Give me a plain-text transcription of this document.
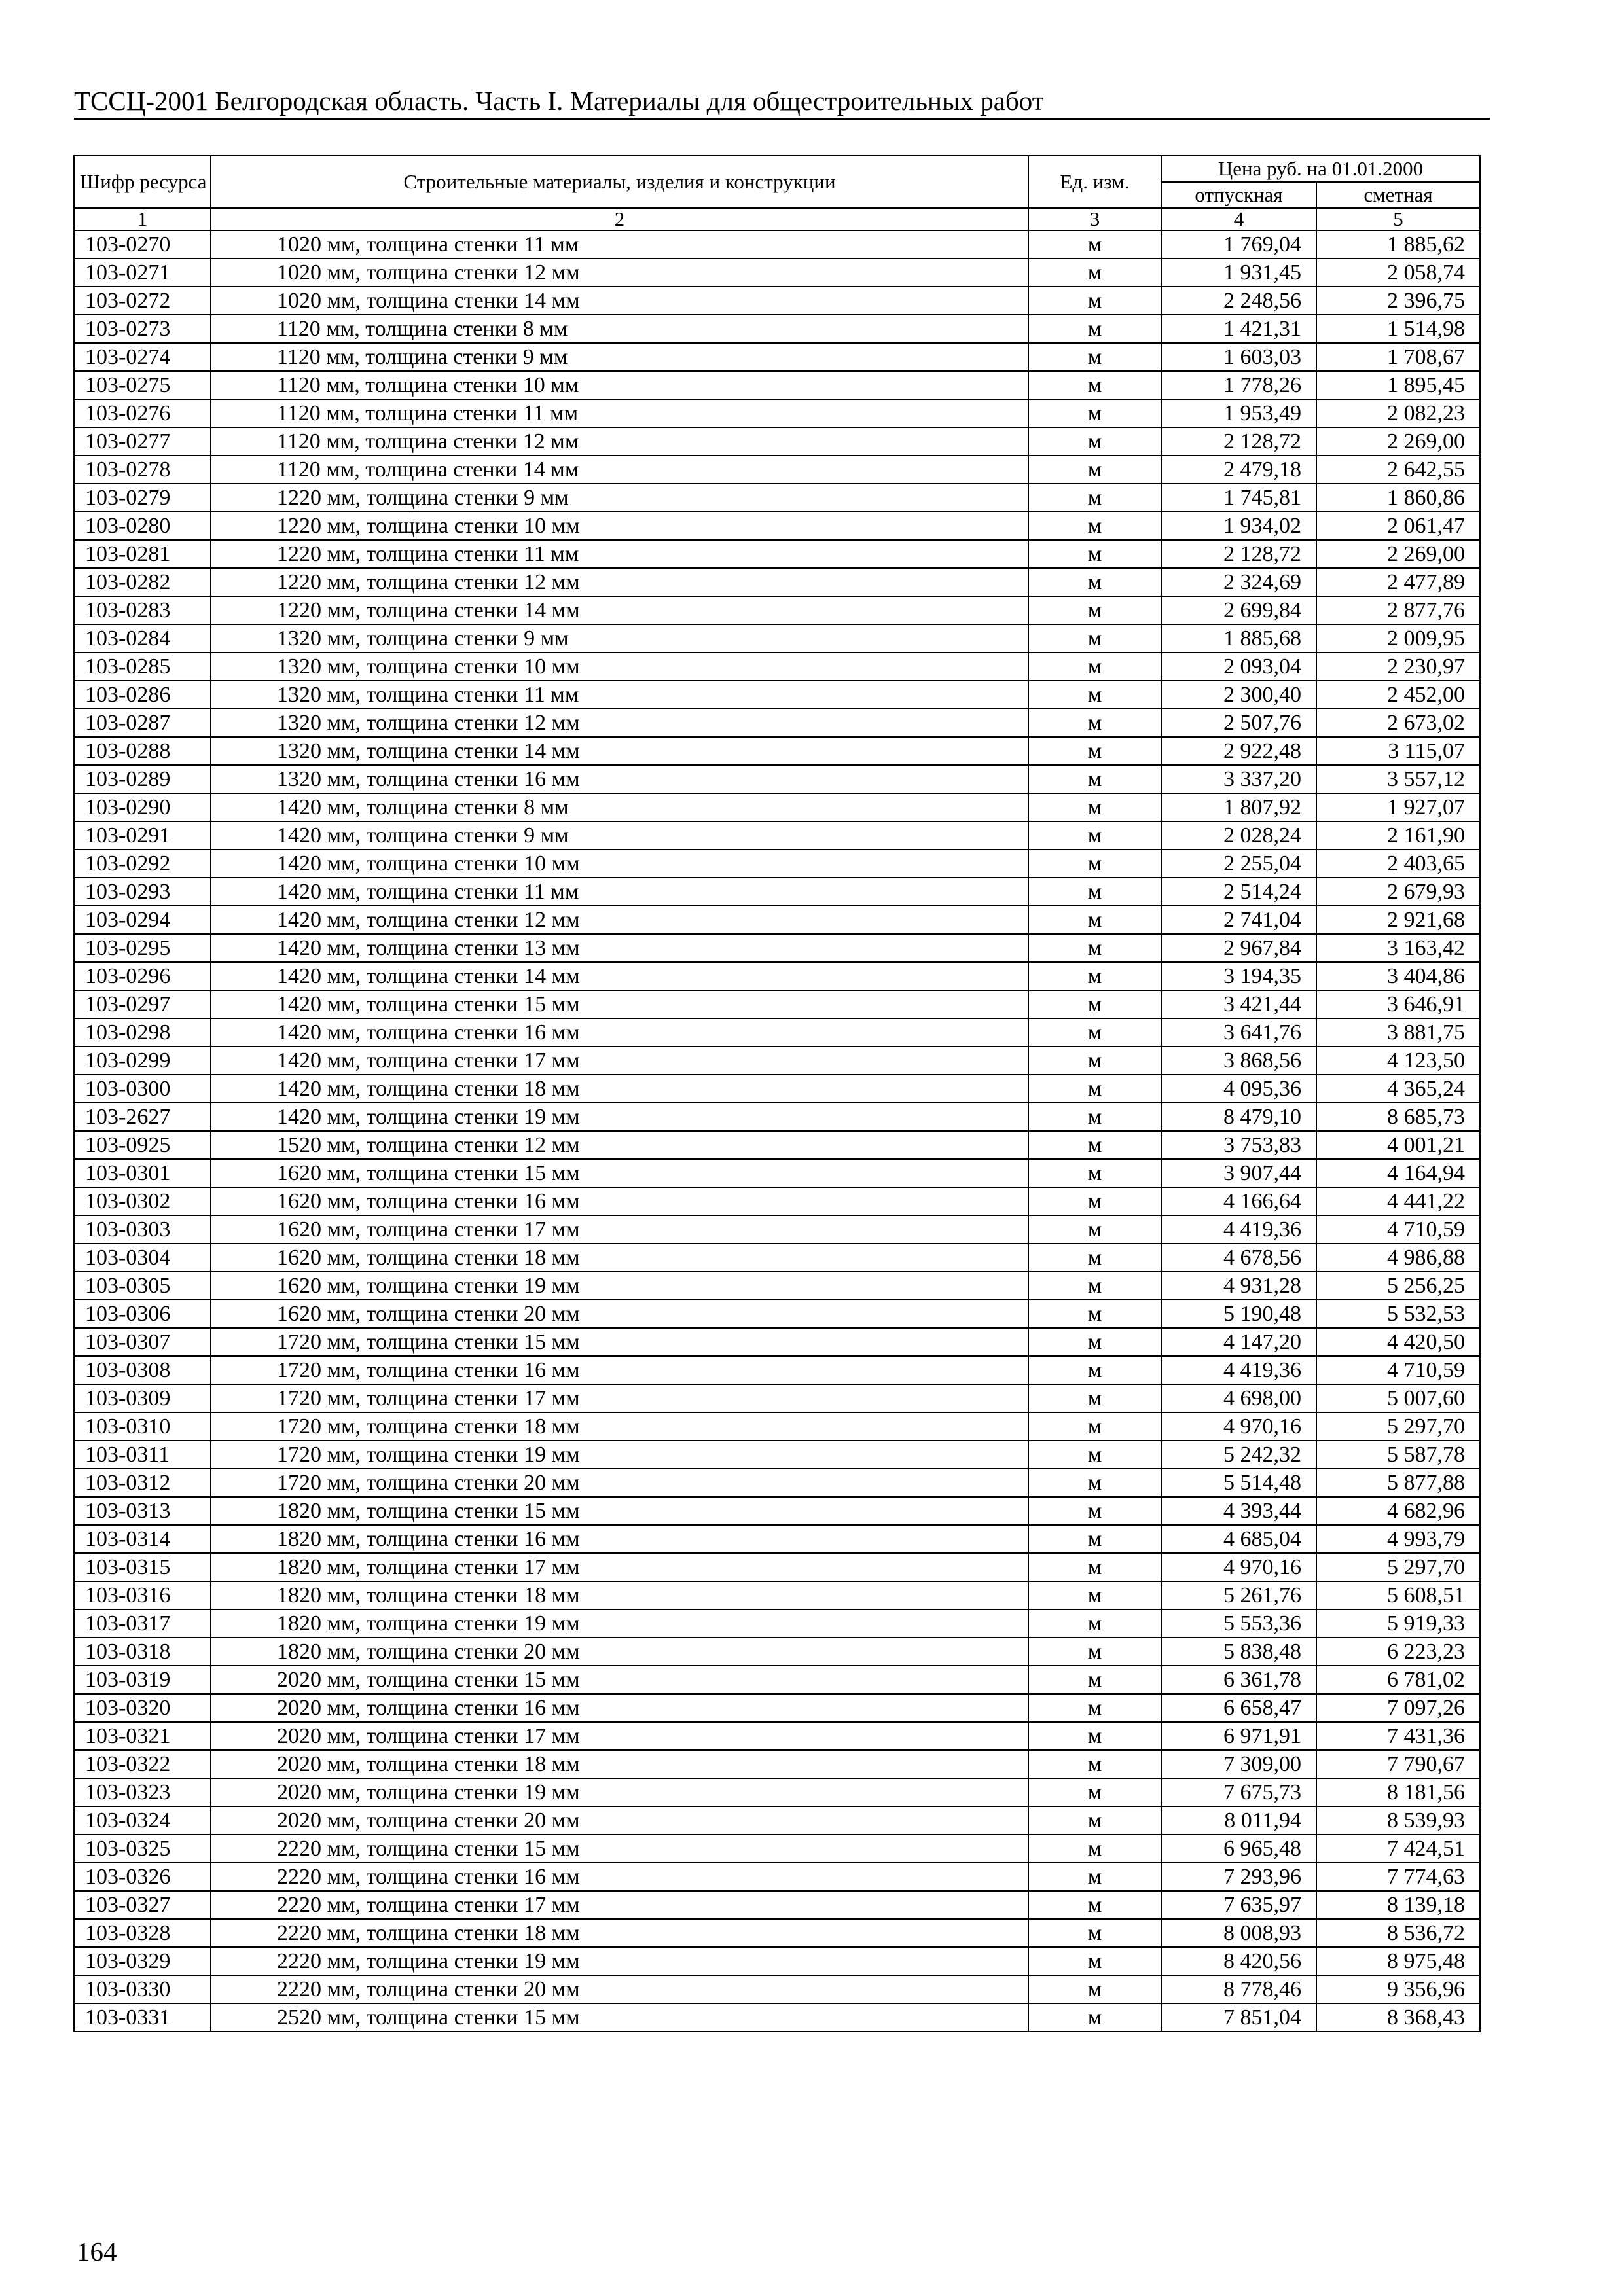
ТССЦ-2001 Белгородская область. Часть I. Материалы для общестроительных работ
Шифр ресурса	Строительные материалы, изделия и конструкции	Ед. изм.	Цена руб. на 01.01.2000	
			отпускная	сметная
1	2	3	4	5
103-0270	1020 мм, толщина стенки 11 мм	м	1 769,04	1 885,62
103-0271	1020 мм, толщина стенки 12 мм	м	1 931,45	2 058,74
103-0272	1020 мм, толщина стенки 14 мм	м	2 248,56	2 396,75
103-0273	1120 мм, толщина стенки 8 мм	м	1 421,31	1 514,98
103-0274	1120 мм, толщина стенки 9 мм	м	1 603,03	1 708,67
103-0275	1120 мм, толщина стенки 10 мм	м	1 778,26	1 895,45
103-0276	1120 мм, толщина стенки 11 мм	м	1 953,49	2 082,23
103-0277	1120 мм, толщина стенки 12 мм	м	2 128,72	2 269,00
103-0278	1120 мм, толщина стенки 14 мм	м	2 479,18	2 642,55
103-0279	1220 мм, толщина стенки 9 мм	м	1 745,81	1 860,86
103-0280	1220 мм, толщина стенки 10 мм	м	1 934,02	2 061,47
103-0281	1220 мм, толщина стенки 11 мм	м	2 128,72	2 269,00
103-0282	1220 мм, толщина стенки 12 мм	м	2 324,69	2 477,89
103-0283	1220 мм, толщина стенки 14 мм	м	2 699,84	2 877,76
103-0284	1320 мм, толщина стенки 9 мм	м	1 885,68	2 009,95
103-0285	1320 мм, толщина стенки 10 мм	м	2 093,04	2 230,97
103-0286	1320 мм, толщина стенки 11 мм	м	2 300,40	2 452,00
103-0287	1320 мм, толщина стенки 12 мм	м	2 507,76	2 673,02
103-0288	1320 мм, толщина стенки 14 мм	м	2 922,48	3 115,07
103-0289	1320 мм, толщина стенки 16 мм	м	3 337,20	3 557,12
103-0290	1420 мм, толщина стенки 8 мм	м	1 807,92	1 927,07
103-0291	1420 мм, толщина стенки 9 мм	м	2 028,24	2 161,90
103-0292	1420 мм, толщина стенки 10 мм	м	2 255,04	2 403,65
103-0293	1420 мм, толщина стенки 11 мм	м	2 514,24	2 679,93
103-0294	1420 мм, толщина стенки 12 мм	м	2 741,04	2 921,68
103-0295	1420 мм, толщина стенки 13 мм	м	2 967,84	3 163,42
103-0296	1420 мм, толщина стенки 14 мм	м	3 194,35	3 404,86
103-0297	1420 мм, толщина стенки 15 мм	м	3 421,44	3 646,91
103-0298	1420 мм, толщина стенки 16 мм	м	3 641,76	3 881,75
103-0299	1420 мм, толщина стенки 17 мм	м	3 868,56	4 123,50
103-0300	1420 мм, толщина стенки 18 мм	м	4 095,36	4 365,24
103-2627	1420 мм, толщина стенки 19 мм	м	8 479,10	8 685,73
103-0925	1520 мм, толщина стенки 12 мм	м	3 753,83	4 001,21
103-0301	1620 мм, толщина стенки 15 мм	м	3 907,44	4 164,94
103-0302	1620 мм, толщина стенки 16 мм	м	4 166,64	4 441,22
103-0303	1620 мм, толщина стенки 17 мм	м	4 419,36	4 710,59
103-0304	1620 мм, толщина стенки 18 мм	м	4 678,56	4 986,88
103-0305	1620 мм, толщина стенки 19 мм	м	4 931,28	5 256,25
103-0306	1620 мм, толщина стенки 20 мм	м	5 190,48	5 532,53
103-0307	1720 мм, толщина стенки 15 мм	м	4 147,20	4 420,50
103-0308	1720 мм, толщина стенки 16 мм	м	4 419,36	4 710,59
103-0309	1720 мм, толщина стенки 17 мм	м	4 698,00	5 007,60
103-0310	1720 мм, толщина стенки 18 мм	м	4 970,16	5 297,70
103-0311	1720 мм, толщина стенки 19 мм	м	5 242,32	5 587,78
103-0312	1720 мм, толщина стенки 20 мм	м	5 514,48	5 877,88
103-0313	1820 мм, толщина стенки 15 мм	м	4 393,44	4 682,96
103-0314	1820 мм, толщина стенки 16 мм	м	4 685,04	4 993,79
103-0315	1820 мм, толщина стенки 17 мм	м	4 970,16	5 297,70
103-0316	1820 мм, толщина стенки 18 мм	м	5 261,76	5 608,51
103-0317	1820 мм, толщина стенки 19 мм	м	5 553,36	5 919,33
103-0318	1820 мм, толщина стенки 20 мм	м	5 838,48	6 223,23
103-0319	2020 мм, толщина стенки 15 мм	м	6 361,78	6 781,02
103-0320	2020 мм, толщина стенки 16 мм	м	6 658,47	7 097,26
103-0321	2020 мм, толщина стенки 17 мм	м	6 971,91	7 431,36
103-0322	2020 мм, толщина стенки 18 мм	м	7 309,00	7 790,67
103-0323	2020 мм, толщина стенки 19 мм	м	7 675,73	8 181,56
103-0324	2020 мм, толщина стенки 20 мм	м	8 011,94	8 539,93
103-0325	2220 мм, толщина стенки 15 мм	м	6 965,48	7 424,51
103-0326	2220 мм, толщина стенки 16 мм	м	7 293,96	7 774,63
103-0327	2220 мм, толщина стенки 17 мм	м	7 635,97	8 139,18
103-0328	2220 мм, толщина стенки 18 мм	м	8 008,93	8 536,72
103-0329	2220 мм, толщина стенки 19 мм	м	8 420,56	8 975,48
103-0330	2220 мм, толщина стенки 20 мм	м	8 778,46	9 356,96
103-0331	2520 мм, толщина стенки 15 мм	м	7 851,04	8 368,43
164
